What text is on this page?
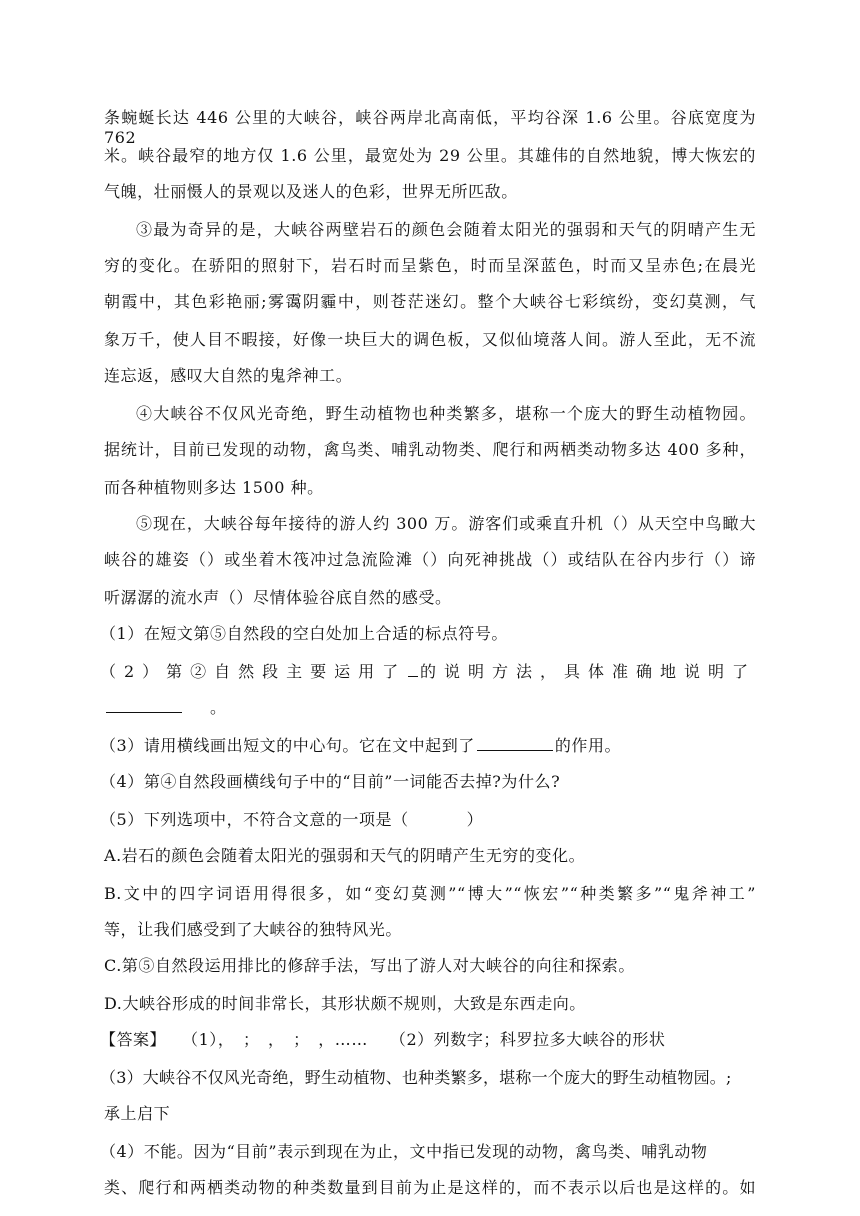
条蜿蜒长达 446 公里的大峡谷，峡谷两岸北高南低，平均谷深 1.6 公里。谷底宽度为 762
米。峡谷最窄的地方仅 1.6 公里，最宽处为 29 公里。其雄伟的自然地貌，博大恢宏的
气魄，壮丽慑人的景观以及迷人的色彩，世界无所匹敌。
③最为奇异的是，大峡谷两壁岩石的颜色会随着太阳光的强弱和天气的阴晴产生无
穷的变化。在骄阳的照射下，岩石时而呈紫色，时而呈深蓝色，时而又呈赤色;在晨光
朝霞中，其色彩艳丽;雾霭阴霾中，则苍茫迷幻。整个大峡谷七彩缤纷，变幻莫测，气
象万千，使人目不暇接，好像一块巨大的调色板，又似仙境落人间。游人至此，无不流
连忘返，感叹大自然的鬼斧神工。
④大峡谷不仅风光奇绝，野生动植物也种类繁多，堪称一个庞大的野生动植物园。
据统计，目前已发现的动物，禽鸟类、哺乳动物类、爬行和两栖类动物多达 400 多种，
而各种植物则多达 1500 种。
⑤现在，大峡谷每年接待的游人约 300 万。游客们或乘直升机（）从天空中鸟瞰大
峡谷的雄姿（）或坐着木筏冲过急流险滩（）向死神挑战（）或结队在谷内步行（）谛
听潺潺的流水声（）尽情体验谷底自然的感受。
（1）在短文第⑤自然段的空白处加上合适的标点符号。
（2）第②自然段主要运用了 的说明方法，具体准确地说明了
。
（3）请用横线画出短文的中心句。它在文中起到了	的作用。
（4）第④自然段画横线句子中的“目前”一词能否去掉?为什么?
（5）下列选项中，不符合文意的一项是（	）
A.岩石的颜色会随着太阳光的强弱和天气的阴晴产生无穷的变化。
B.文中的四字词语用得很多，如“变幻莫测”“博大”“恢宏”“种类繁多”“鬼斧神工”
等，让我们感受到了大峡谷的独特风光。
C.第⑤自然段运用排比的修辞手法，写出了游人对大峡谷的向往和探索。
D.大峡谷形成的时间非常长，其形状颇不规则，大致是东西走向。
【答案】 （1），　；　，　；　，…… （2）列数字；科罗拉多大峡谷的形状
（3）大峡谷不仅风光奇绝，野生动植物、也种类繁多，堪称一个庞大的野生动植物园。;
承上启下
（4）不能。因为“目前”表示到现在为止，文中指已发现的动物，禽鸟类、哺乳动物
类、爬行和两栖类动物的种类数量到目前为止是这样的，而不表示以后也是这样的。如
